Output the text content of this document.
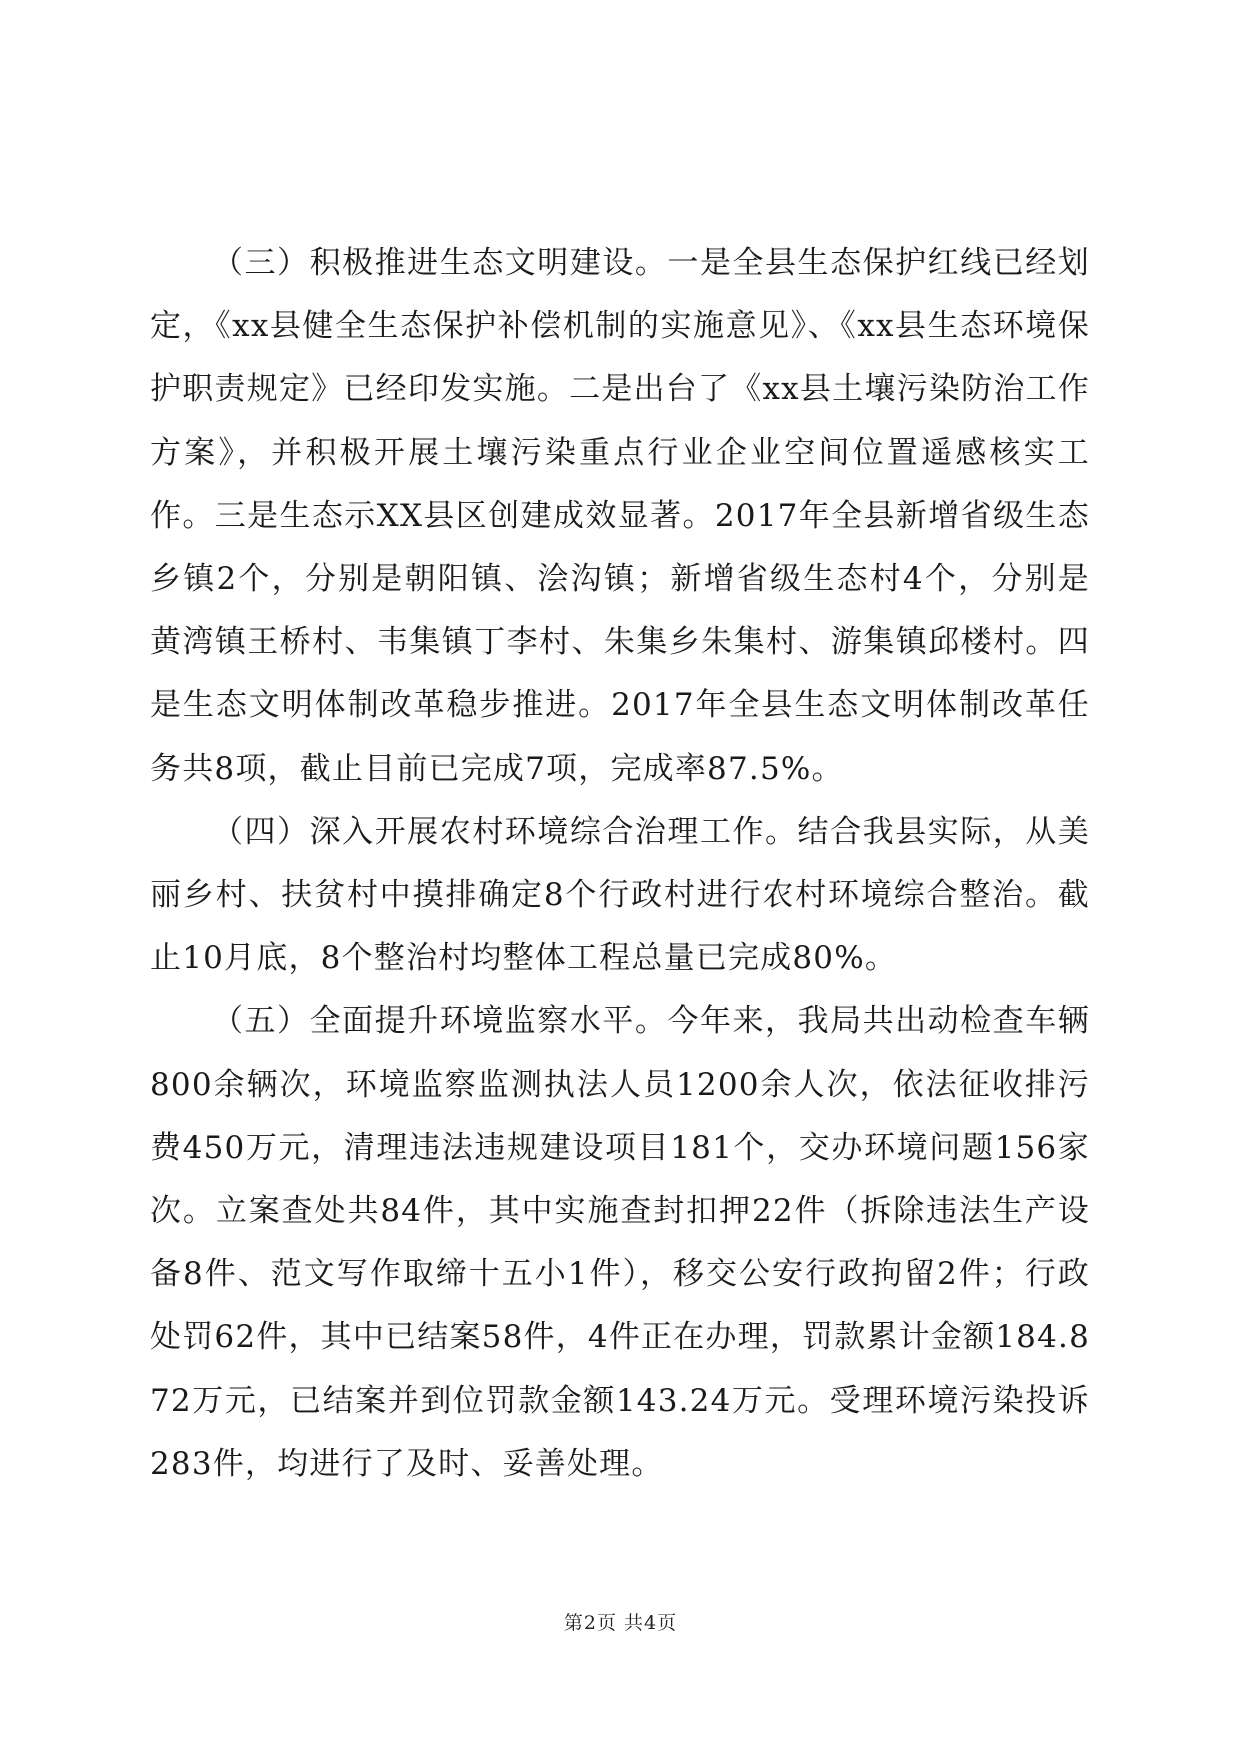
（三）积极推进生态文明建设。一是全县生态保护红线已经划定，《xx县健全生态保护补偿机制的实施意见》、《xx县生态环境保护职责规定》已经印发实施。二是出台了《xx县土壤污染防治工作方案》，并积极开展土壤污染重点行业企业空间位置遥感核实工作。三是生态示XX县区创建成效显著。2017年全县新增省级生态乡镇2个，分别是朝阳镇、浍沟镇；新增省级生态村4个，分别是黄湾镇王桥村、韦集镇丁李村、朱集乡朱集村、游集镇邱楼村。四是生态文明体制改革稳步推进。2017年全县生态文明体制改革任务共8项，截止目前已完成7项，完成率87.5%。

（四）深入开展农村环境综合治理工作。结合我县实际，从美丽乡村、扶贫村中摸排确定8个行政村进行农村环境综合整治。截止10月底，8个整治村均整体工程总量已完成80%。

（五）全面提升环境监察水平。今年来，我局共出动检查车辆800余辆次，环境监察监测执法人员1200余人次，依法征收排污费450万元，清理违法违规建设项目181个，交办环境问题156家次。立案查处共84件，其中实施查封扣押22件（拆除违法生产设备8件、范文写作取缔十五小1件），移交公安行政拘留2件；行政处罚62件，其中已结案58件，4件正在办理，罚款累计金额184.872万元，已结案并到位罚款金额143.24万元。受理环境污染投诉283件，均进行了及时、妥善处理。

第2页 共4页
